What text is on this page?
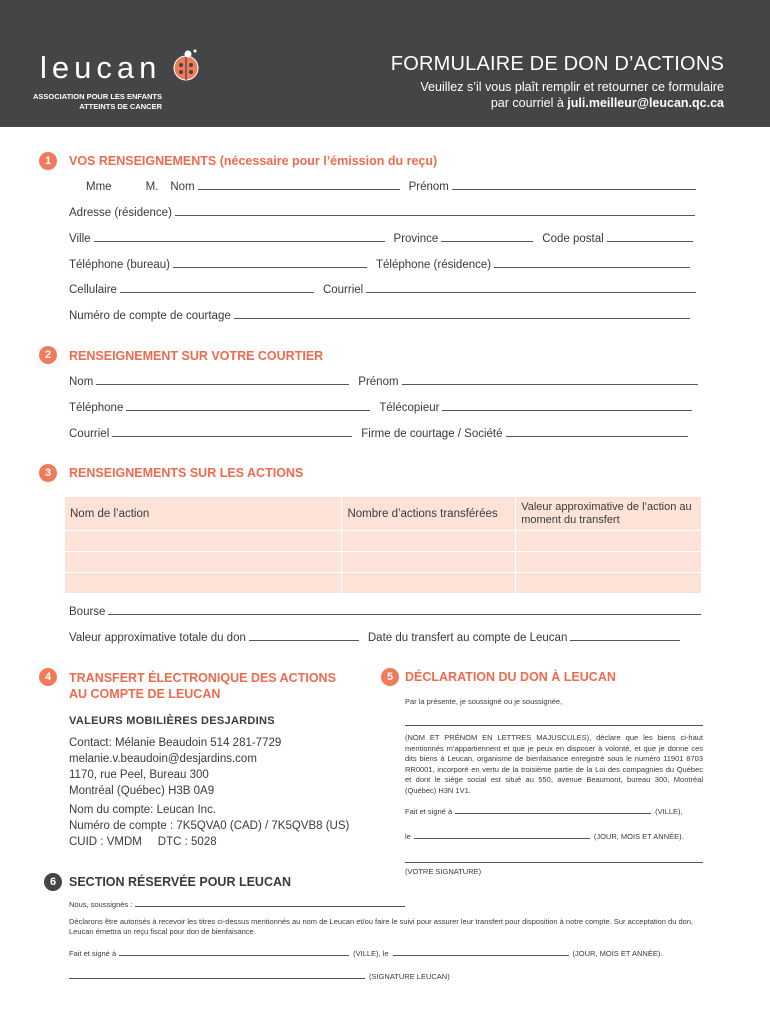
leucan
ASSOCIATION POUR LES ENFANTS
ATTEINTS DE CANCER
FORMULAIRE DE DON D’ACTIONS
Veuillez s’il vous plaît remplir et retourner ce formulaire
par courriel à juli.meilleur@leucan.qc.ca
1	VOS RENSEIGNEMENTS (nécessaire pour l’émission du reçu)
Mme	M. Nom	Prénom
Adresse (résidence)
Ville	Province	Code postal
Téléphone (bureau)	Téléphone (résidence)
Cellulaire	Courriel
Numéro de compte de courtage
2	RENSEIGNEMENT SUR VOTRE COURTIER
Nom	Prénom
Téléphone	Télécopieur
Courriel	Firme de courtage / Société
3	RENSEIGNEMENTS SUR LES ACTIONS
Nom de l’action	Nombre d’actions transférées	Valeur approximative de l’action au moment du transfert

Bourse
Valeur approximative totale du don	Date du transfert au compte de Leucan
4	TRANSFERT ÉLECTRONIQUE DES ACTIONS
AU COMPTE DE LEUCAN
VALEURS MOBILIÈRES DESJARDINS
Contact: Mélanie Beaudoin 514 281-7729
melanie.v.beaudoin@desjardins.com
1170, rue Peel, Bureau 300
Montréal (Québec) H3B 0A9
Nom du compte: Leucan Inc.
Numéro de compte : 7K5QVA0 (CAD) / 7K5QVB8 (US)
CUID : VMDM     DTC : 5028
5 DÉCLARATION DU DON À LEUCAN
Par la présente, je soussigné ou je soussignée,
(NOM ET PRÉNOM EN LETTRES MAJUSCULES), déclare que les biens ci-haut mentionnés m’appartiennent et que je peux en disposer à volonté, et que je donne ces dits biens à Leucan, organisme de bienfaisance enregistré sous le numéro 11901 8703 RR0001, incorporé en vertu de la troisième partie de la Loi des compagnies du Québec et dont le siège social est situé au 550, avenue Beaumont, bureau 300, Montréal (Québec) H3N 1V1.
Fait et signé à	(VILLE),
le	(JOUR, MOIS ET ANNÉE).
(VOTRE SIGNATURE)
6	SECTION RÉSERVÉE POUR LEUCAN
Nous, soussignés :
Déclarons être autorisés à recevoir les titres ci-dessus mentionnés au nom de Leucan et/ou faire le suivi pour assurer leur transfert pour disposition à notre compte. Sur acceptation du don, Leucan émettra un reçu fiscal pour don de bienfaisance.
Fait et signé à	(VILLE), le	(JOUR, MOIS ET ANNÉE).
(SIGNATURE LEUCAN)
